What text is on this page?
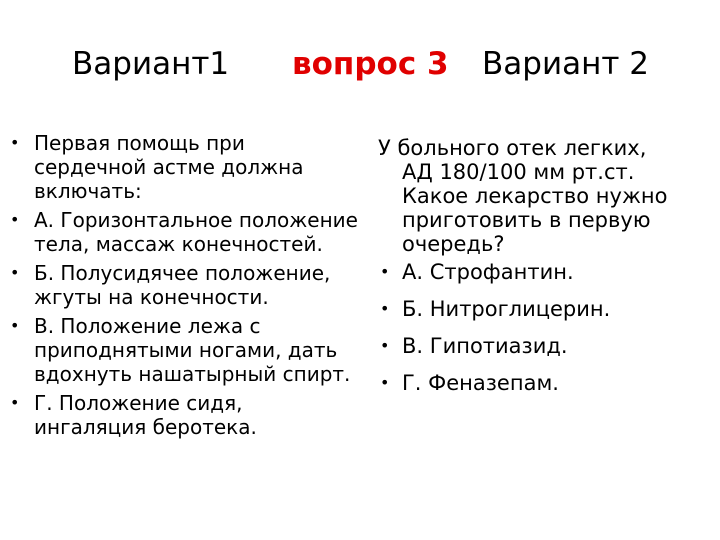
Вариант1 вопрос 3 Вариант 2
• Первая помощь при сердечной астме должна включать:
• А. Горизонтальное положение тела, массаж конечностей.
• Б. Полусидячее положение, жгуты на конечности.
• В. Положение лежа с приподнятыми ногами, дать вдохнуть нашатырный спирт.
• Г. Положение сидя, ингаляция беротека.
У больного отек легких,
АД 180/100 мм рт.ст. Какое лекарство нужно приготовить в первую очередь?
• А. Строфантин.
• Б. Нитроглицерин.
• В. Гипотиазид.
• Г. Феназепам.
